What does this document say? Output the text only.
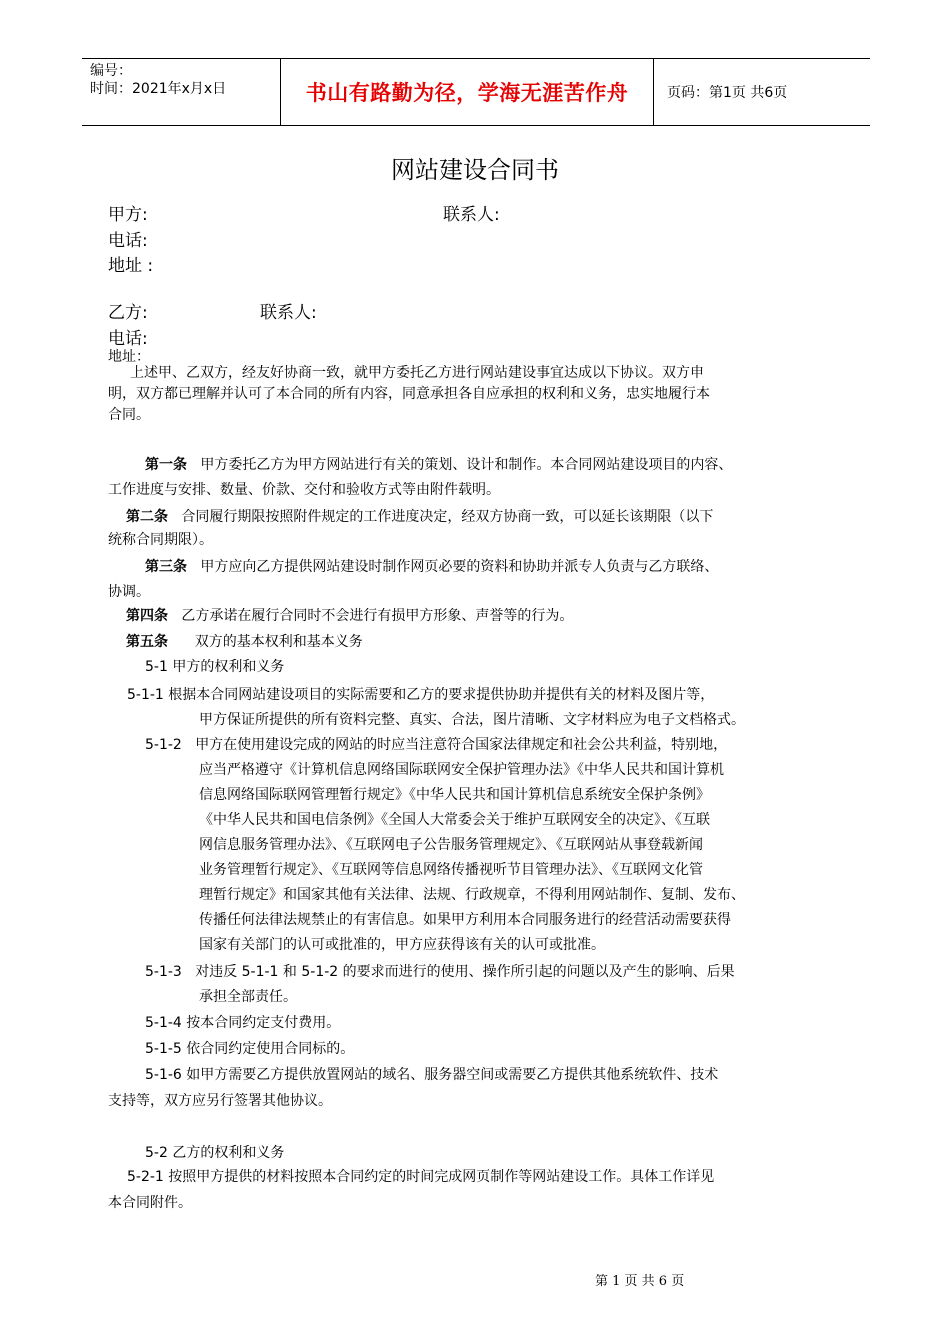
编号：
时间：2021年x月x日	书山有路勤为径，学海无涯苦作舟	页码：第1页 共6页
网站建设合同书
甲方:	联系人:
电话:
地址 :
乙方:	联系人:
电话:
地址：
上述甲、乙双方，经友好协商一致，就甲方委托乙方进行网站建设事宜达成以下协议。双方申
明，双方都已理解并认可了本合同的所有内容，同意承担各自应承担的权利和义务，忠实地履行本
合同。
第一条 甲方委托乙方为甲方网站进行有关的策划、设计和制作。本合同网站建设项目的内容、
工作进度与安排、数量、价款、交付和验收方式等由附件载明。
第二条 合同履行期限按照附件规定的工作进度决定，经双方协商一致，可以延长该期限（以下
统称合同期限）。
第三条 甲方应向乙方提供网站建设时制作网页必要的资料和协助并派专人负责与乙方联络、
协调。
第四条 乙方承诺在履行合同时不会进行有损甲方形象、声誉等的行为。
第五条 双方的基本权利和基本义务
5-1 甲方的权利和义务
5-1-1 根据本合同网站建设项目的实际需要和乙方的要求提供协助并提供有关的材料及图片等，
甲方保证所提供的所有资料完整、真实、合法，图片清晰、文字材料应为电子文档格式。
5-1-2 甲方在使用建设完成的网站的时应当注意符合国家法律规定和社会公共利益，特别地，
应当严格遵守《计算机信息网络国际联网安全保护管理办法》《中华人民共和国计算机
信息网络国际联网管理暂行规定》《中华人民共和国计算机信息系统安全保护条例》
《中华人民共和国电信条例》《全国人大常委会关于维护互联网安全的决定》、《互联
网信息服务管理办法》、《互联网电子公告服务管理规定》、《互联网站从事登载新闻
业务管理暂行规定》、《互联网等信息网络传播视听节目管理办法》、《互联网文化管
理暂行规定》和国家其他有关法律、法规、行政规章，不得利用网站制作、复制、发布、
传播任何法律法规禁止的有害信息。如果甲方利用本合同服务进行的经营活动需要获得
国家有关部门的认可或批准的，甲方应获得该有关的认可或批准。
5-1-3 对违反 5-1-1 和 5-1-2 的要求而进行的使用、操作所引起的问题以及产生的影响、后果
承担全部责任。
5-1-4 按本合同约定支付费用。
5-1-5 依合同约定使用合同标的。
5-1-6 如甲方需要乙方提供放置网站的域名、服务器空间或需要乙方提供其他系统软件、技术
支持等，双方应另行签署其他协议。
5-2 乙方的权利和义务
5-2-1 按照甲方提供的材料按照本合同约定的时间完成网页制作等网站建设工作。具体工作详见
本合同附件。
第 1 页 共 6 页
